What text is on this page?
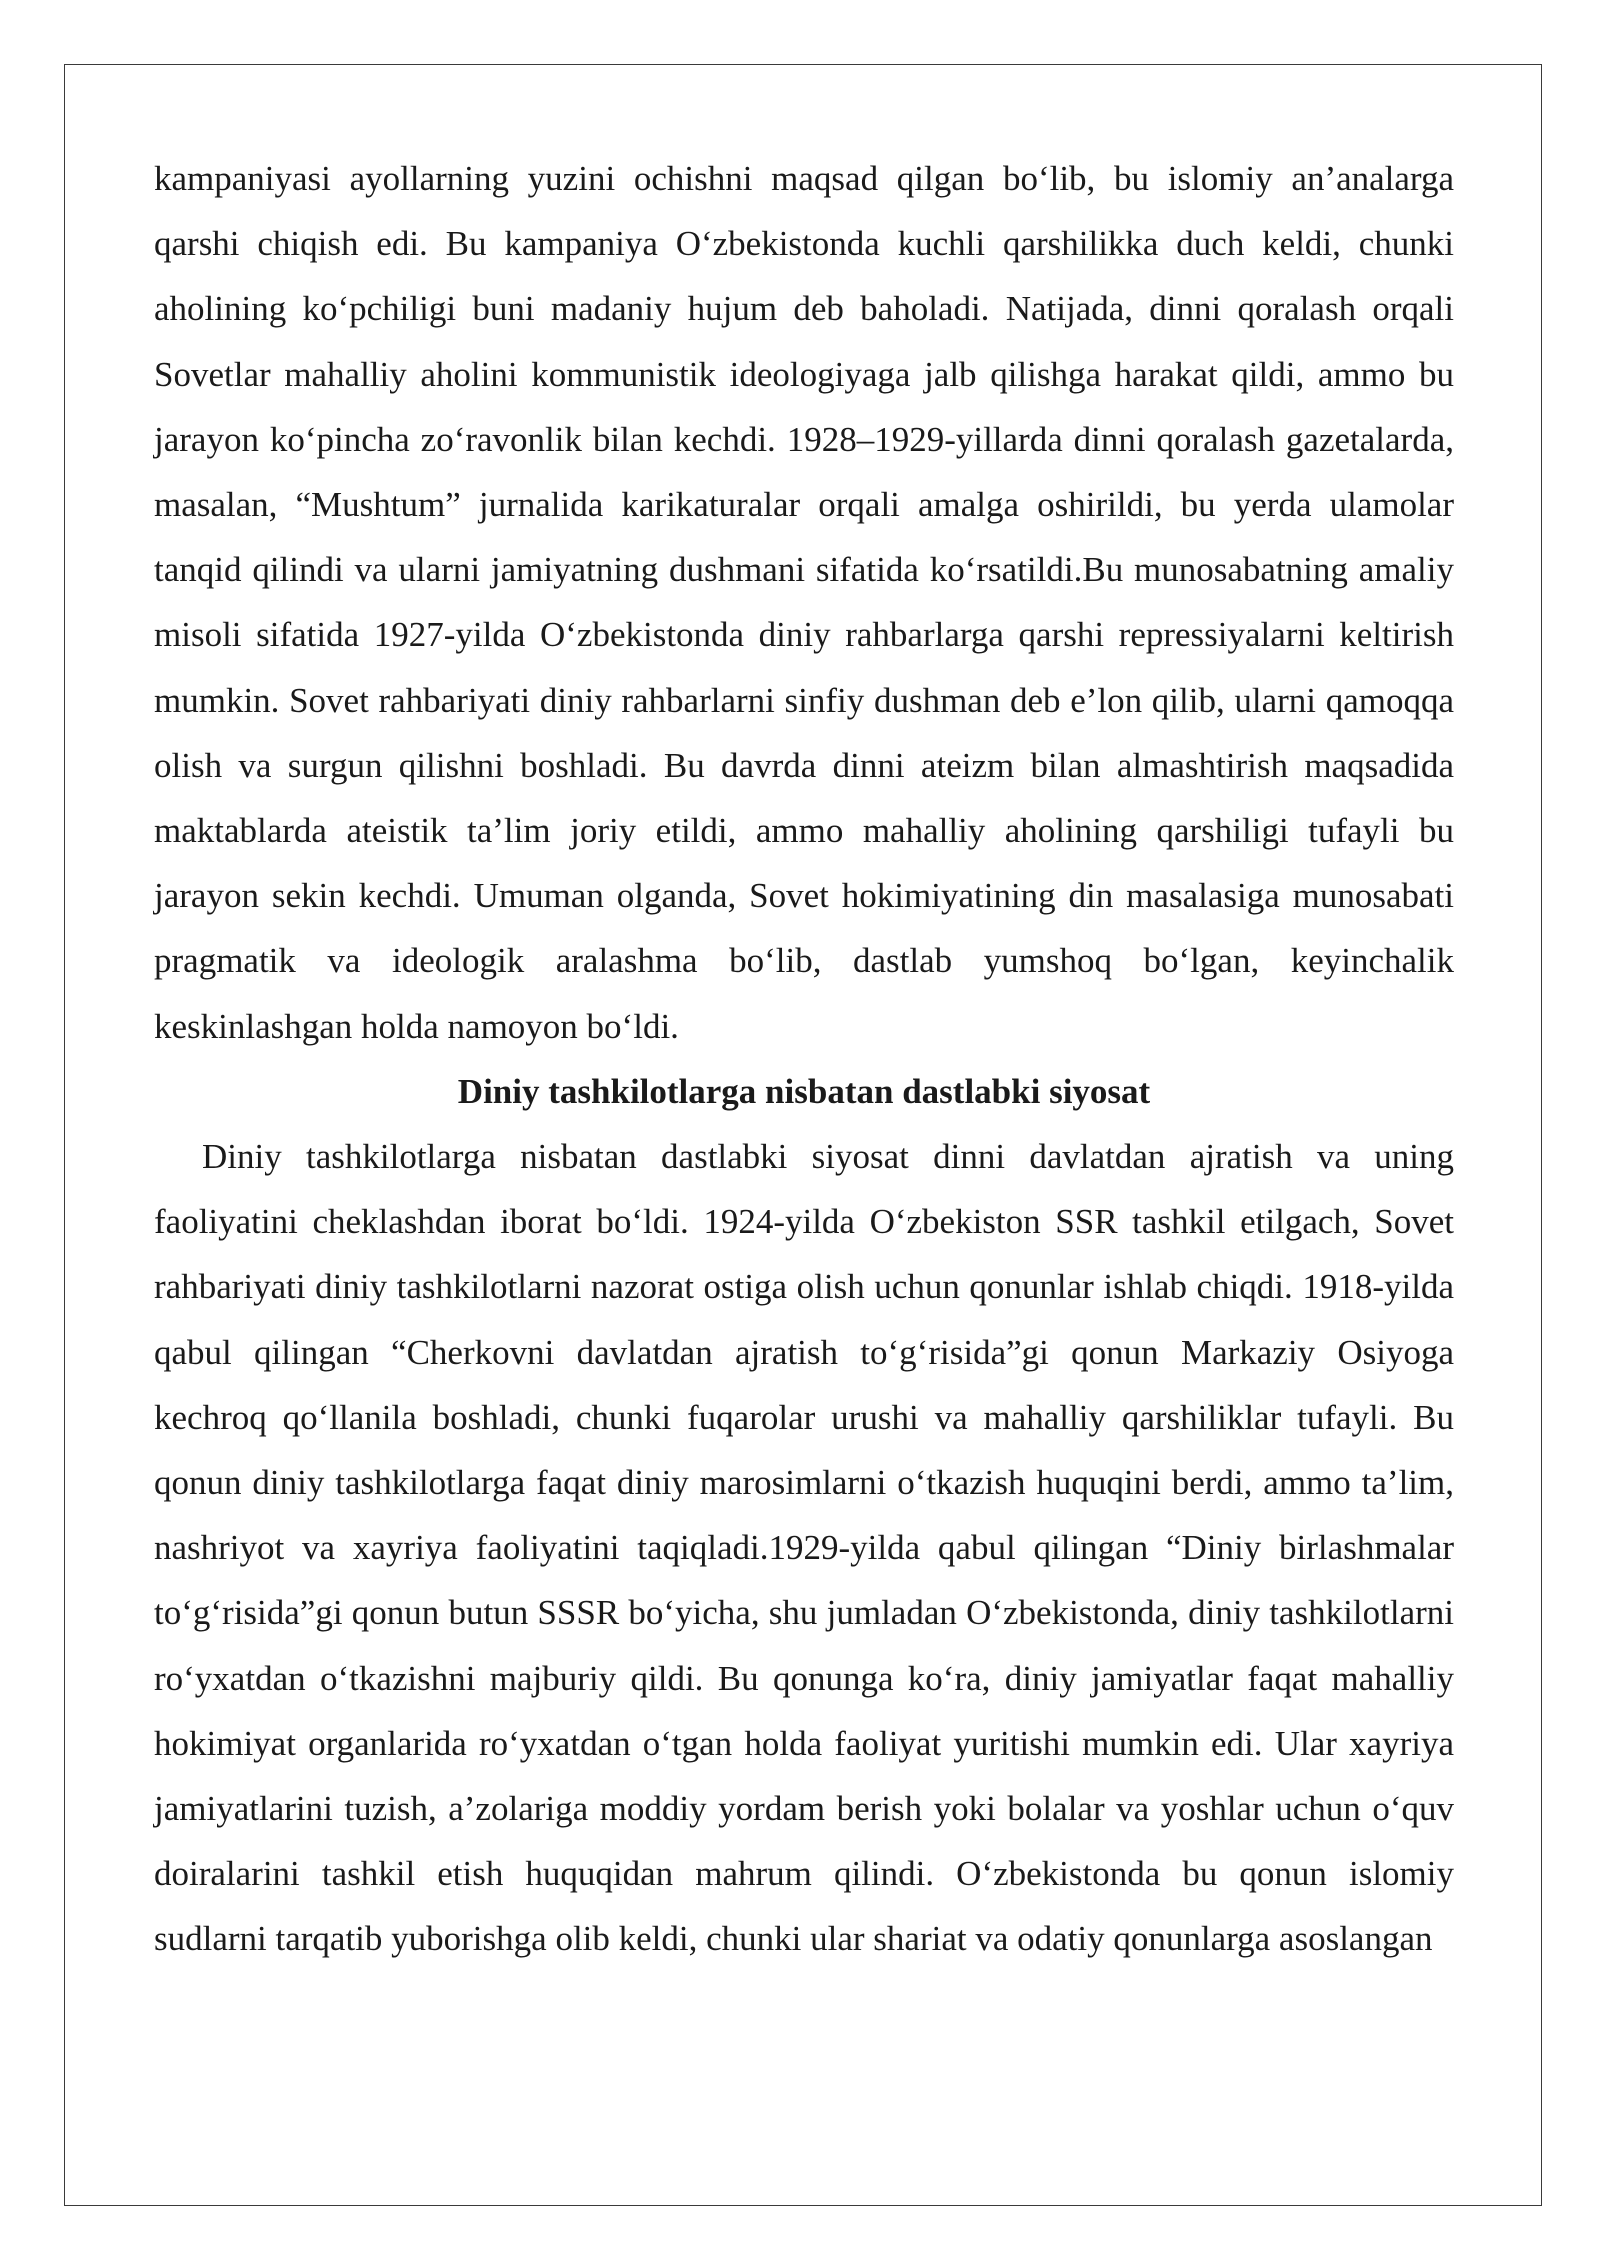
kampaniyasi ayollarning yuzini ochishni maqsad qilgan bo‘lib, bu islomiy an’analarga qarshi chiqish edi. Bu kampaniya O‘zbekistonda kuchli qarshilikka duch keldi, chunki aholining ko‘pchiligi buni madaniy hujum deb baholadi. Natijada, dinni qoralash orqali Sovetlar mahalliy aholini kommunistik ideologiyaga jalb qilishga harakat qildi, ammo bu jarayon ko‘pincha zo‘ravonlik bilan kechdi. 1928–1929-yillarda dinni qoralash gazetalarda, masalan, “Mushtum” jurnalida karikaturalar orqali amalga oshirildi, bu yerda ulamolar tanqid qilindi va ularni jamiyatning dushmani sifatida ko‘rsatildi.Bu munosabatning amaliy misoli sifatida 1927-yilda O‘zbekistonda diniy rahbarlarga qarshi repressiyalarni keltirish mumkin. Sovet rahbariyati diniy rahbarlarni sinfiy dushman deb e’lon qilib, ularni qamoqqa olish va surgun qilishni boshladi. Bu davrda dinni ateizm bilan almashtirish maqsadida maktablarda ateistik ta’lim joriy etildi, ammo mahalliy aholining qarshiligi tufayli bu jarayon sekin kechdi. Umuman olganda, Sovet hokimiyatining din masalasiga munosabati pragmatik va ideologik aralashma bo‘lib, dastlab yumshoq bo‘lgan, keyinchalik keskinlashgan holda namoyon bo‘ldi.

Diniy tashkilotlarga nisbatan dastlabki siyosat

Diniy tashkilotlarga nisbatan dastlabki siyosat dinni davlatdan ajratish va uning faoliyatini cheklashdan iborat bo‘ldi. 1924-yilda O‘zbekiston SSR tashkil etilgach, Sovet rahbariyati diniy tashkilotlarni nazorat ostiga olish uchun qonunlar ishlab chiqdi. 1918-yilda qabul qilingan “Cherkovni davlatdan ajratish to‘g‘risida”gi qonun Markaziy Osiyoga kechroq qo‘llanila boshladi, chunki fuqarolar urushi va mahalliy qarshiliklar tufayli. Bu qonun diniy tashkilotlarga faqat diniy marosimlarni o‘tkazish huquqini berdi, ammo ta’lim, nashriyot va xayriya faoliyatini taqiqladi.1929-yilda qabul qilingan “Diniy birlashmalar to‘g‘risida”gi qonun butun SSSR bo‘yicha, shu jumladan O‘zbekistonda, diniy tashkilotlarni ro‘yxatdan o‘tkazishni majburiy qildi. Bu qonunga ko‘ra, diniy jamiyatlar faqat mahalliy hokimiyat organlarida ro‘yxatdan o‘tgan holda faoliyat yuritishi mumkin edi. Ular xayriya jamiyatlarini tuzish, a’zolariga moddiy yordam berish yoki bolalar va yoshlar uchun o‘quv doiralarini tashkil etish huquqidan mahrum qilindi. O‘zbekistonda bu qonun islomiy sudlarni tarqatib yuborishga olib keldi, chunki ular shariat va odatiy qonunlarga asoslangan
